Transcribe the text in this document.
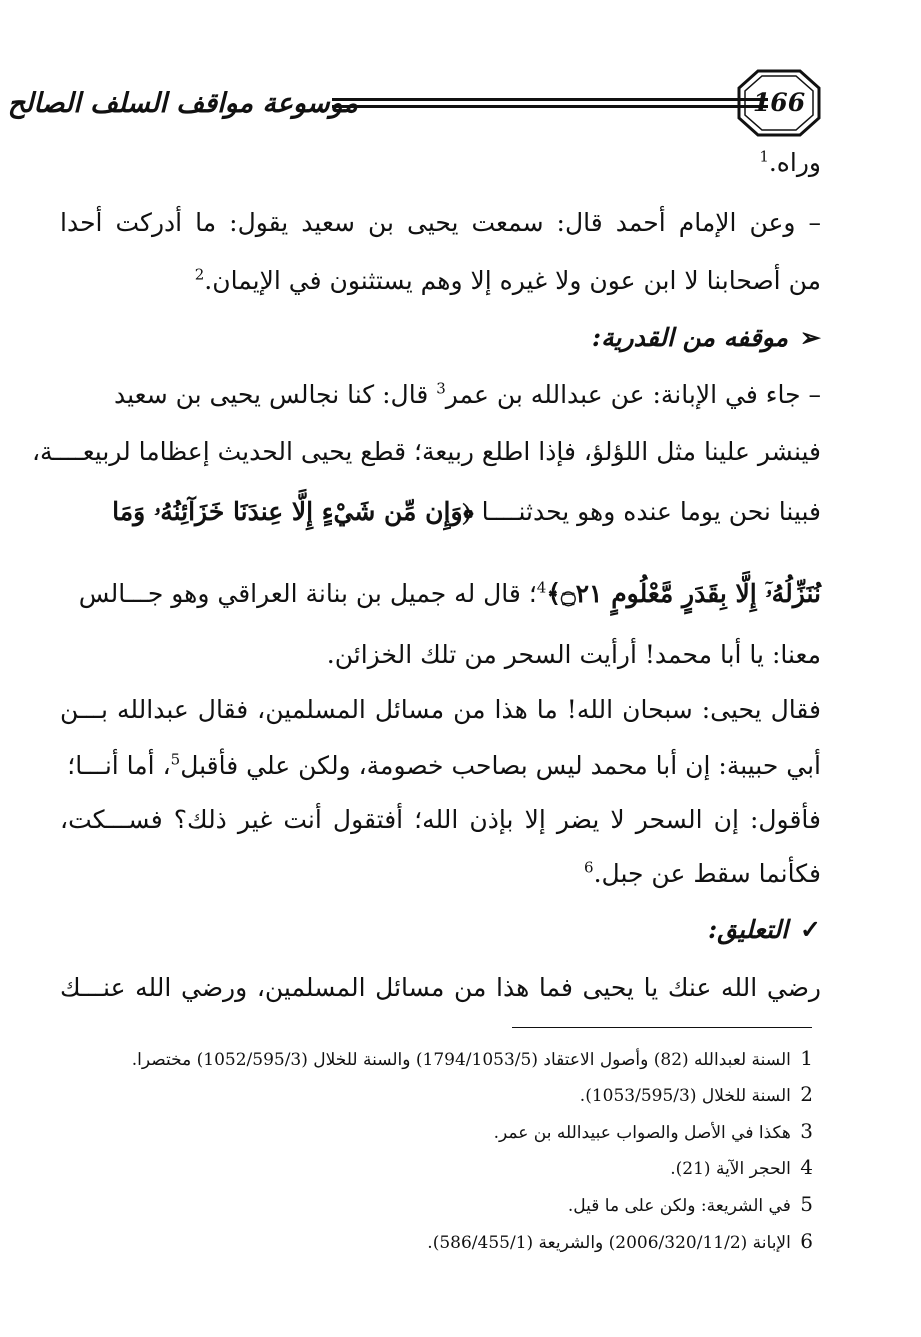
موسوعة مواقف السلف الصالح	166
وراه.$^1$
– وعن الإمام أحمد قال: سمعت يحيى بن سعيد يقول: ما أدركت أحدا
من أصحابنا لا ابن عون ولا غيره إلا وهم يستثنون في الإيمان.$^2$
➢موقفه من القدرية:
– جاء في الإبانة: عن عبدالله بن عمر$^3$ قال: كنا نجالس يحيى بن سعيد
فينشر علينا مثل اللؤلؤ، فإذا اطلع ربيعة؛ قطع يحيى الحديث إعظاما لربيعــــة،
فبينا نحن يوما عنده وهو يحدثنــــا ﴿وَإِن مِّن شَيْءٍ إِلَّا عِندَنَا خَزَآئِنُهُۥ وَمَا
نُنَزِّلُهُۥٓ إِلَّا بِقَدَرٍ مَّعْلُومٍ ۝٢١﴾$^4$؛ قال له جميل بن بنانة العراقي وهو جـــالس
معنا: يا أبا محمد! أرأيت السحر من تلك الخزائن.
فقال يحيى: سبحان الله! ما هذا من مسائل المسلمين، فقال عبدالله بـــن
أبي حبيبة: إن أبا محمد ليس بصاحب خصومة، ولكن علي فأقبل$^5$، أما أنـــا؛
فأقول: إن السحر لا يضر إلا بإذن الله؛ أفتقول أنت غير ذلك؟ فســـكت،
فكأنما سقط عن جبل.$^6$
✓التعليق:
رضي الله عنك يا يحيى فما هذا من مسائل المسلمين، ورضي الله عنـــك
1 السنة لعبدالله (82) وأصول الاعتقاد (1794/1053/5) والسنة للخلال (1052/595/3) مختصرا.
2 السنة للخلال (1053/595/3).
3 هكذا في الأصل والصواب عبيدالله بن عمر.
4 الحجر الآية (21).
5 في الشريعة: ولكن على ما قيل.
6 الإبانة (2006/320/11/2) والشريعة (586/455/1).
